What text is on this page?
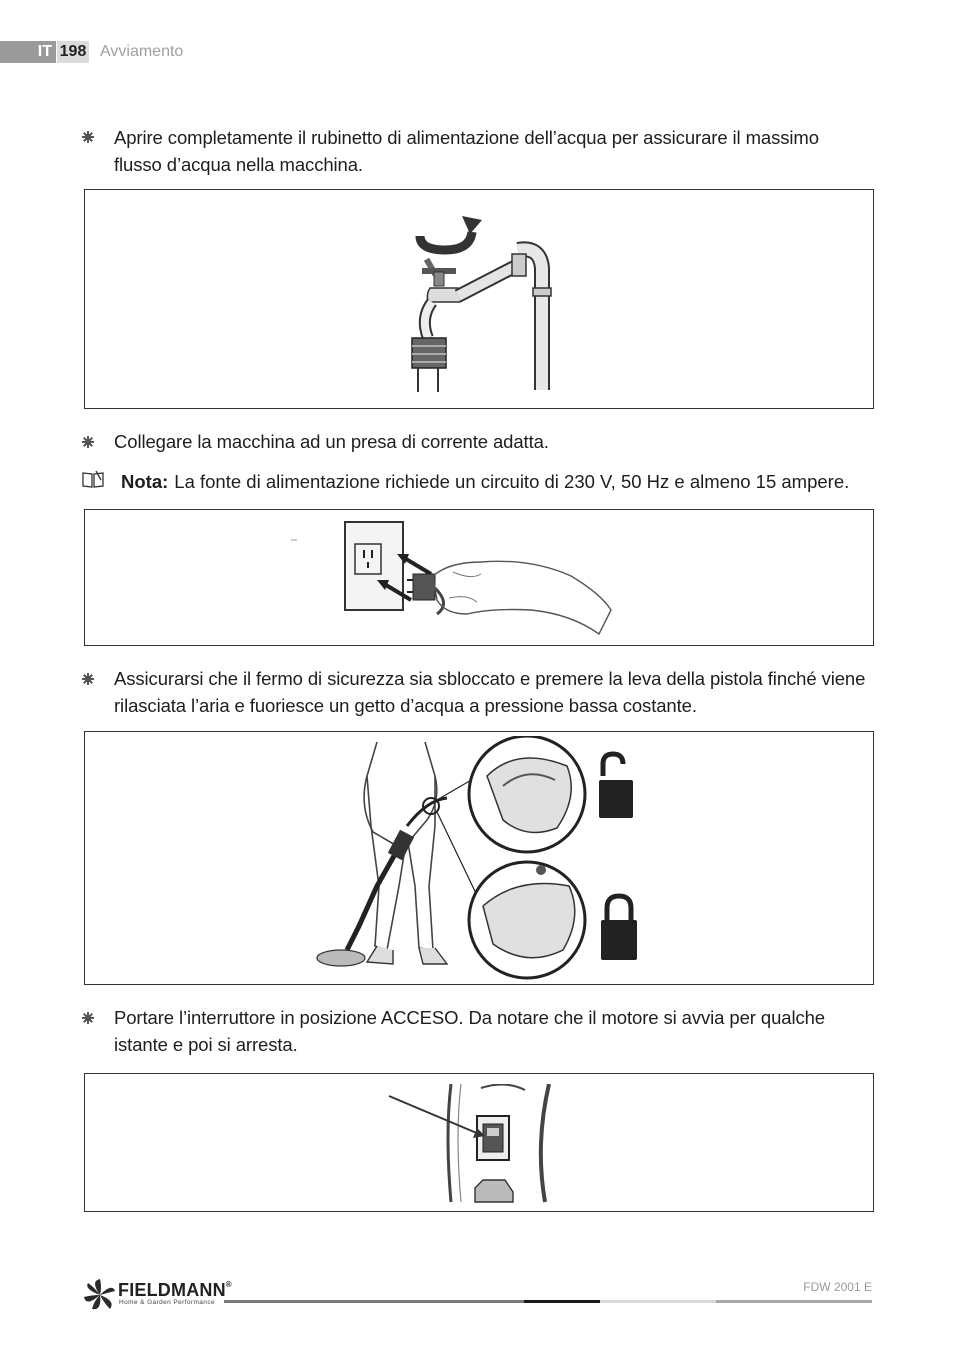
IT 198 Avviamento

Aprire completamente il rubinetto di alimentazione dell’acqua per assicurare il massimo

flusso d’acqua nella macchina.

Collegare la macchina ad un presa di corrente adatta.

Nota: La fonte di alimentazione richiede un circuito di 230 V, 50 Hz e almeno 15 ampere.

Assicurarsi che il fermo di sicurezza sia sbloccato e premere la leva della pistola finché viene

rilasciata l’aria e fuoriesce un getto d’acqua a pressione bassa costante.

Portare l’interruttore in posizione ACCESO. Da notare che il motore si avvia per qualche

istante e poi si arresta.

FIELDMANN®
Home & Garden Performance
FDW 2001 E
